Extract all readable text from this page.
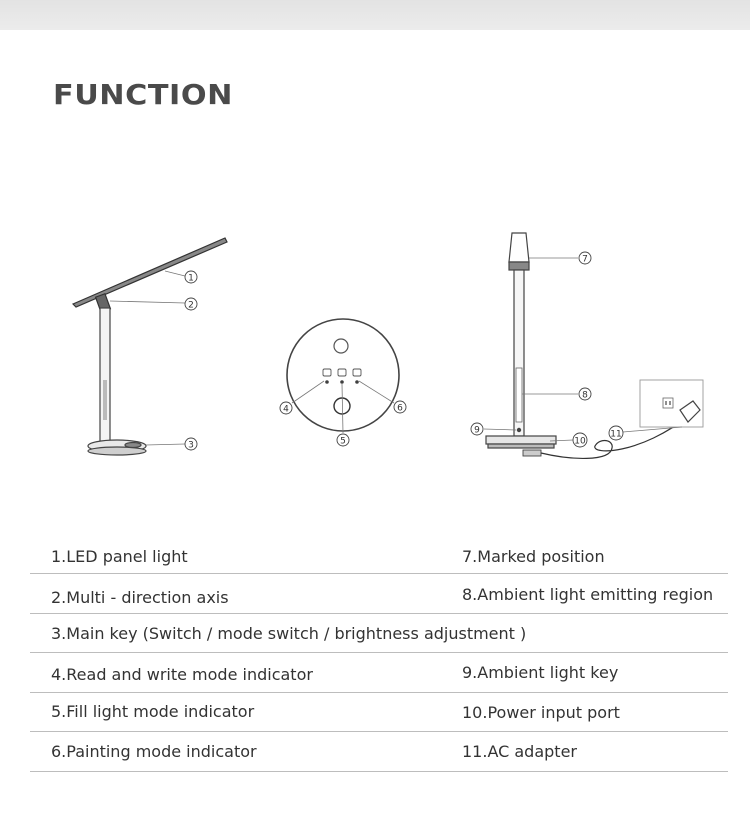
FUNCTION
1
2
3
4
5
6
7
8
9
10
11
1.LED panel light	7.Marked position
2.Multi - direction axis	8.Ambient light emitting region
3.Main key (Switch / mode switch / brightness adjustment )
4.Read and write mode indicator	9.Ambient light key
5.Fill light mode indicator	10.Power input port
6.Painting mode indicator	11.AC adapter
